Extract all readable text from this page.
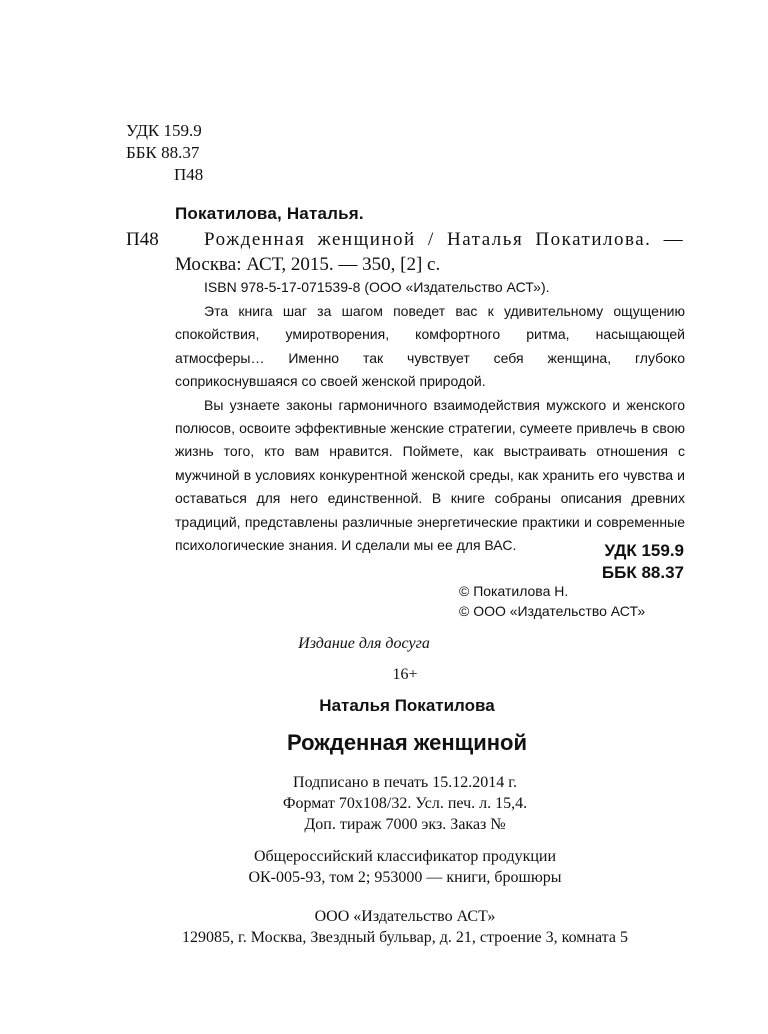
УДК 159.9
ББК 88.37
П48
Покатилова, Наталья.
П48 Рожденная женщиной / Наталья Покатилова. —
Москва: АСТ, 2015. — 350, [2] с.
ISBN 978-5-17-071539-8 (ООО «Издательство АСТ»).

Эта книга шаг за шагом поведет вас к удивительному ощущению спокойствия, умиротворения, комфортного ритма, насыщающей атмосферы… Именно так чувствует себя женщина, глубоко соприкоснувшаяся со своей женской природой.

Вы узнаете законы гармоничного взаимодействия мужского и женского полюсов, освоите эффективные женские стратегии, сумеете привлечь в свою жизнь того, кто вам нравится. Поймете, как выстраивать отношения с мужчиной в условиях конкурентной женской среды, как хранить его чувства и оставаться для него единственной. В книге собраны описания древних традиций, представлены различные энергетические практики и современные психологические знания. И сделали мы ее для ВАС.	УДК 159.9
ББК 88.37
© Покатилова Н.
© ООО «Издательство АСТ»
Издание для досуга
16+
Наталья Покатилова
Рожденная женщиной
Подписано в печать 15.12.2014 г.
Формат 70x108/32. Усл. печ. л. 15,4.
Доп. тираж 7000 экз. Заказ №
Общероссийский классификатор продукции
ОК-005-93, том 2; 953000 — книги, брошюры
ООО «Издательство АСТ»
129085, г. Москва, Звездный бульвар, д. 21, строение 3, комната 5
